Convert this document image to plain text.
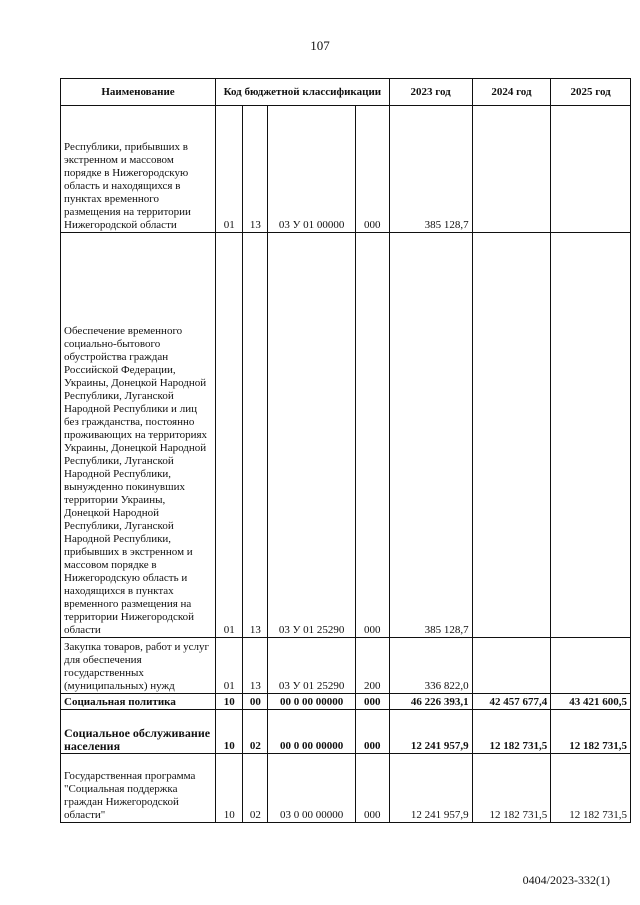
107
Наименование	Код бюджетной классификации				2023 год	2024 год	2025 год
Республики, прибывших в экстренном и массовом порядке в Нижегородскую область и находящихся в пунктах временного размещения на территории Нижегородской области	01	13	03 У 01 00000	000	385 128,7		
Обеспечение временного социально-бытового обустройства граждан Российской Федерации, Украины, Донецкой Народной Республики, Луганской Народной Республики и лиц без гражданства, постоянно проживающих на территориях Украины, Донецкой Народной Республики, Луганской Народной Республики, вынужденно покинувших территории Украины, Донецкой Народной Республики, Луганской Народной Республики, прибывших в экстренном и массовом порядке в Нижегородскую область и находящихся в пунктах временного размещения на территории Нижегородской области	01	13	03 У 01 25290	000	385 128,7		
Закупка товаров, работ и услуг для обеспечения государственных (муниципальных) нужд	01	13	03 У 01 25290	200	336 822,0		
Социальная политика	10	00	00 0 00 00000	000	46 226 393,1	42 457 677,4	43 421 600,5
Социальное обслуживание населения	10	02	00 0 00 00000	000	12 241 957,9	12 182 731,5	12 182 731,5
Государственная программа "Социальная поддержка граждан Нижегородской области"	10	02	03 0 00 00000	000	12 241 957,9	12 182 731,5	12 182 731,5
0404/2023-332(1)
